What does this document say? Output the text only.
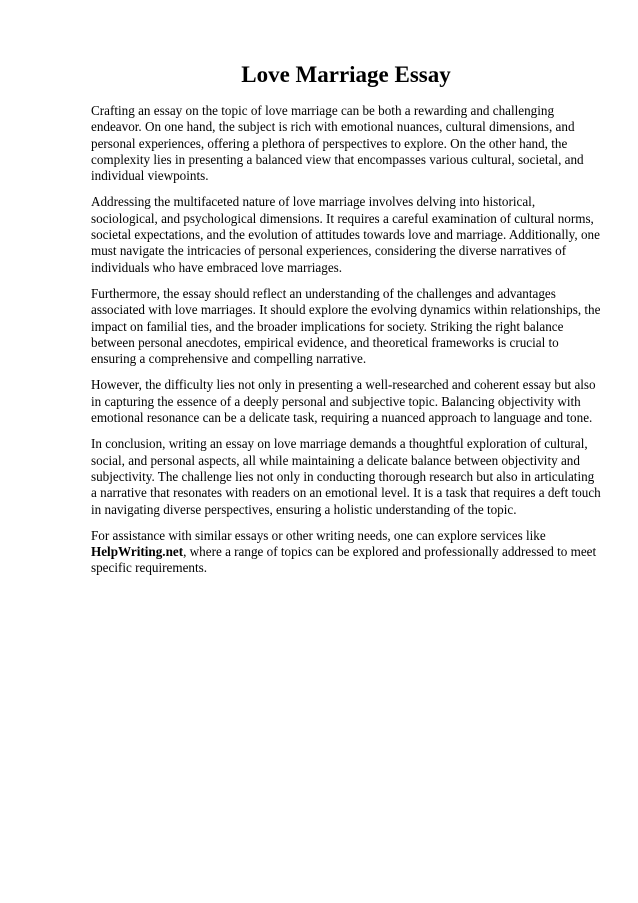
Love Marriage Essay

Crafting an essay on the topic of love marriage can be both a rewarding and challenging endeavor. On one hand, the subject is rich with emotional nuances, cultural dimensions, and personal experiences, offering a plethora of perspectives to explore. On the other hand, the complexity lies in presenting a balanced view that encompasses various cultural, societal, and individual viewpoints.

Addressing the multifaceted nature of love marriage involves delving into historical, sociological, and psychological dimensions. It requires a careful examination of cultural norms, societal expectations, and the evolution of attitudes towards love and marriage. Additionally, one must navigate the intricacies of personal experiences, considering the diverse narratives of individuals who have embraced love marriages.

Furthermore, the essay should reflect an understanding of the challenges and advantages associated with love marriages. It should explore the evolving dynamics within relationships, the impact on familial ties, and the broader implications for society. Striking the right balance between personal anecdotes, empirical evidence, and theoretical frameworks is crucial to ensuring a comprehensive and compelling narrative.

However, the difficulty lies not only in presenting a well-researched and coherent essay but also in capturing the essence of a deeply personal and subjective topic. Balancing objectivity with emotional resonance can be a delicate task, requiring a nuanced approach to language and tone.

In conclusion, writing an essay on love marriage demands a thoughtful exploration of cultural, social, and personal aspects, all while maintaining a delicate balance between objectivity and subjectivity. The challenge lies not only in conducting thorough research but also in articulating a narrative that resonates with readers on an emotional level. It is a task that requires a deft touch in navigating diverse perspectives, ensuring a holistic understanding of the topic.

For assistance with similar essays or other writing needs, one can explore services like HelpWriting.net, where a range of topics can be explored and professionally addressed to meet specific requirements.
